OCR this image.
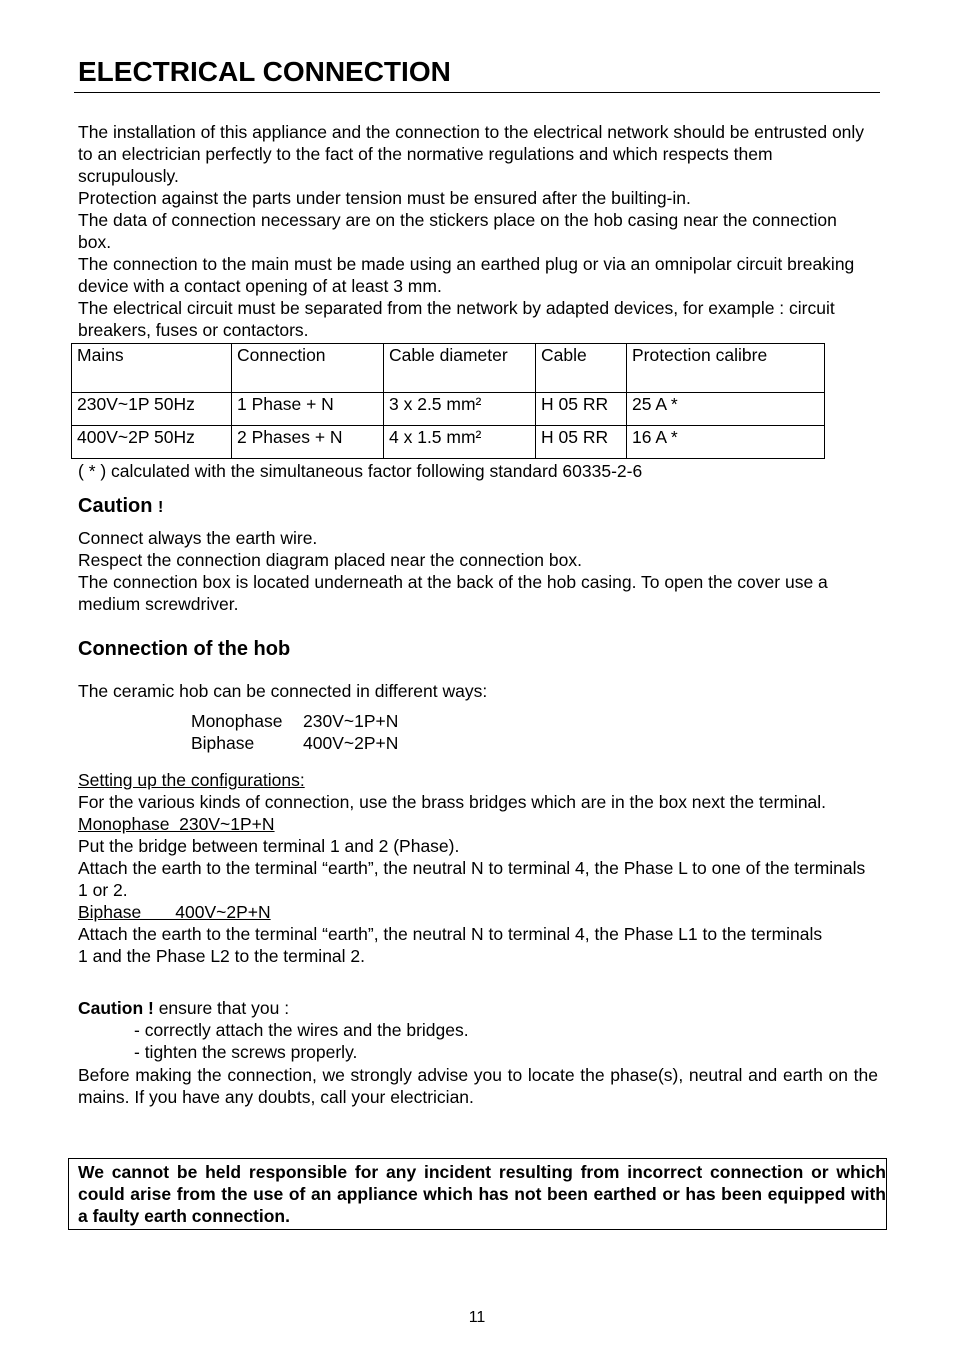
ELECTRICAL CONNECTION

The installation of this appliance and the connection to the electrical network should be entrusted only to an electrician perfectly to the fact of the normative regulations and which respects them scrupulously.

Protection against the parts under tension must be ensured after the builting-in.

The data of connection necessary are on the stickers place on the hob casing near the connection box.

The connection to the main must be made using an earthed plug or via an omnipolar circuit breaking device with a contact opening of at least 3 mm.

The electrical circuit must be separated from the network by adapted devices, for example : circuit breakers, fuses or contactors.

Mains	Connection	Cable diameter	Cable	Protection calibre
230V~1P 50Hz	1 Phase + N	3 x 2.5 mm²	H 05 RR	25 A *
400V~2P 50Hz	2 Phases + N	4 x 1.5 mm²	H 05 RR	16 A *
( * ) calculated with the simultaneous factor following standard 60335-2-6
Caution !

Connect always the earth wire.

Respect the connection diagram placed near the connection box.

The connection box is located underneath at the back of the hob casing. To open the cover use a medium screwdriver.

Connection of the hob
The ceramic hob can be connected in different ways:
Monophase 230V~1P+N
Biphase	400V~2P+N

Setting up the configurations:

For the various kinds of connection, use the brass bridges which are in the box next the terminal.

Monophase  230V~1P+N

Put the bridge between terminal 1 and 2 (Phase).

Attach the earth to the terminal “earth”, the neutral N to terminal 4, the Phase L to one of the terminals 1 or 2.

Biphase       400V~2P+N

Attach the earth to the terminal “earth”, the neutral N to terminal 4, the Phase L1 to the terminals 1 and the Phase L2 to the terminal 2.

Caution ! ensure that you :
- correctly attach the wires and the bridges.
- tighten the screws properly.
Before making the connection, we strongly advise you to locate the phase(s), neutral and earth on the mains. If you have any doubts, call your electrician.
We cannot be held responsible for any incident resulting from incorrect connection or which could arise from the use of an appliance which has not been earthed or has been equipped with a faulty earth connection.
11
